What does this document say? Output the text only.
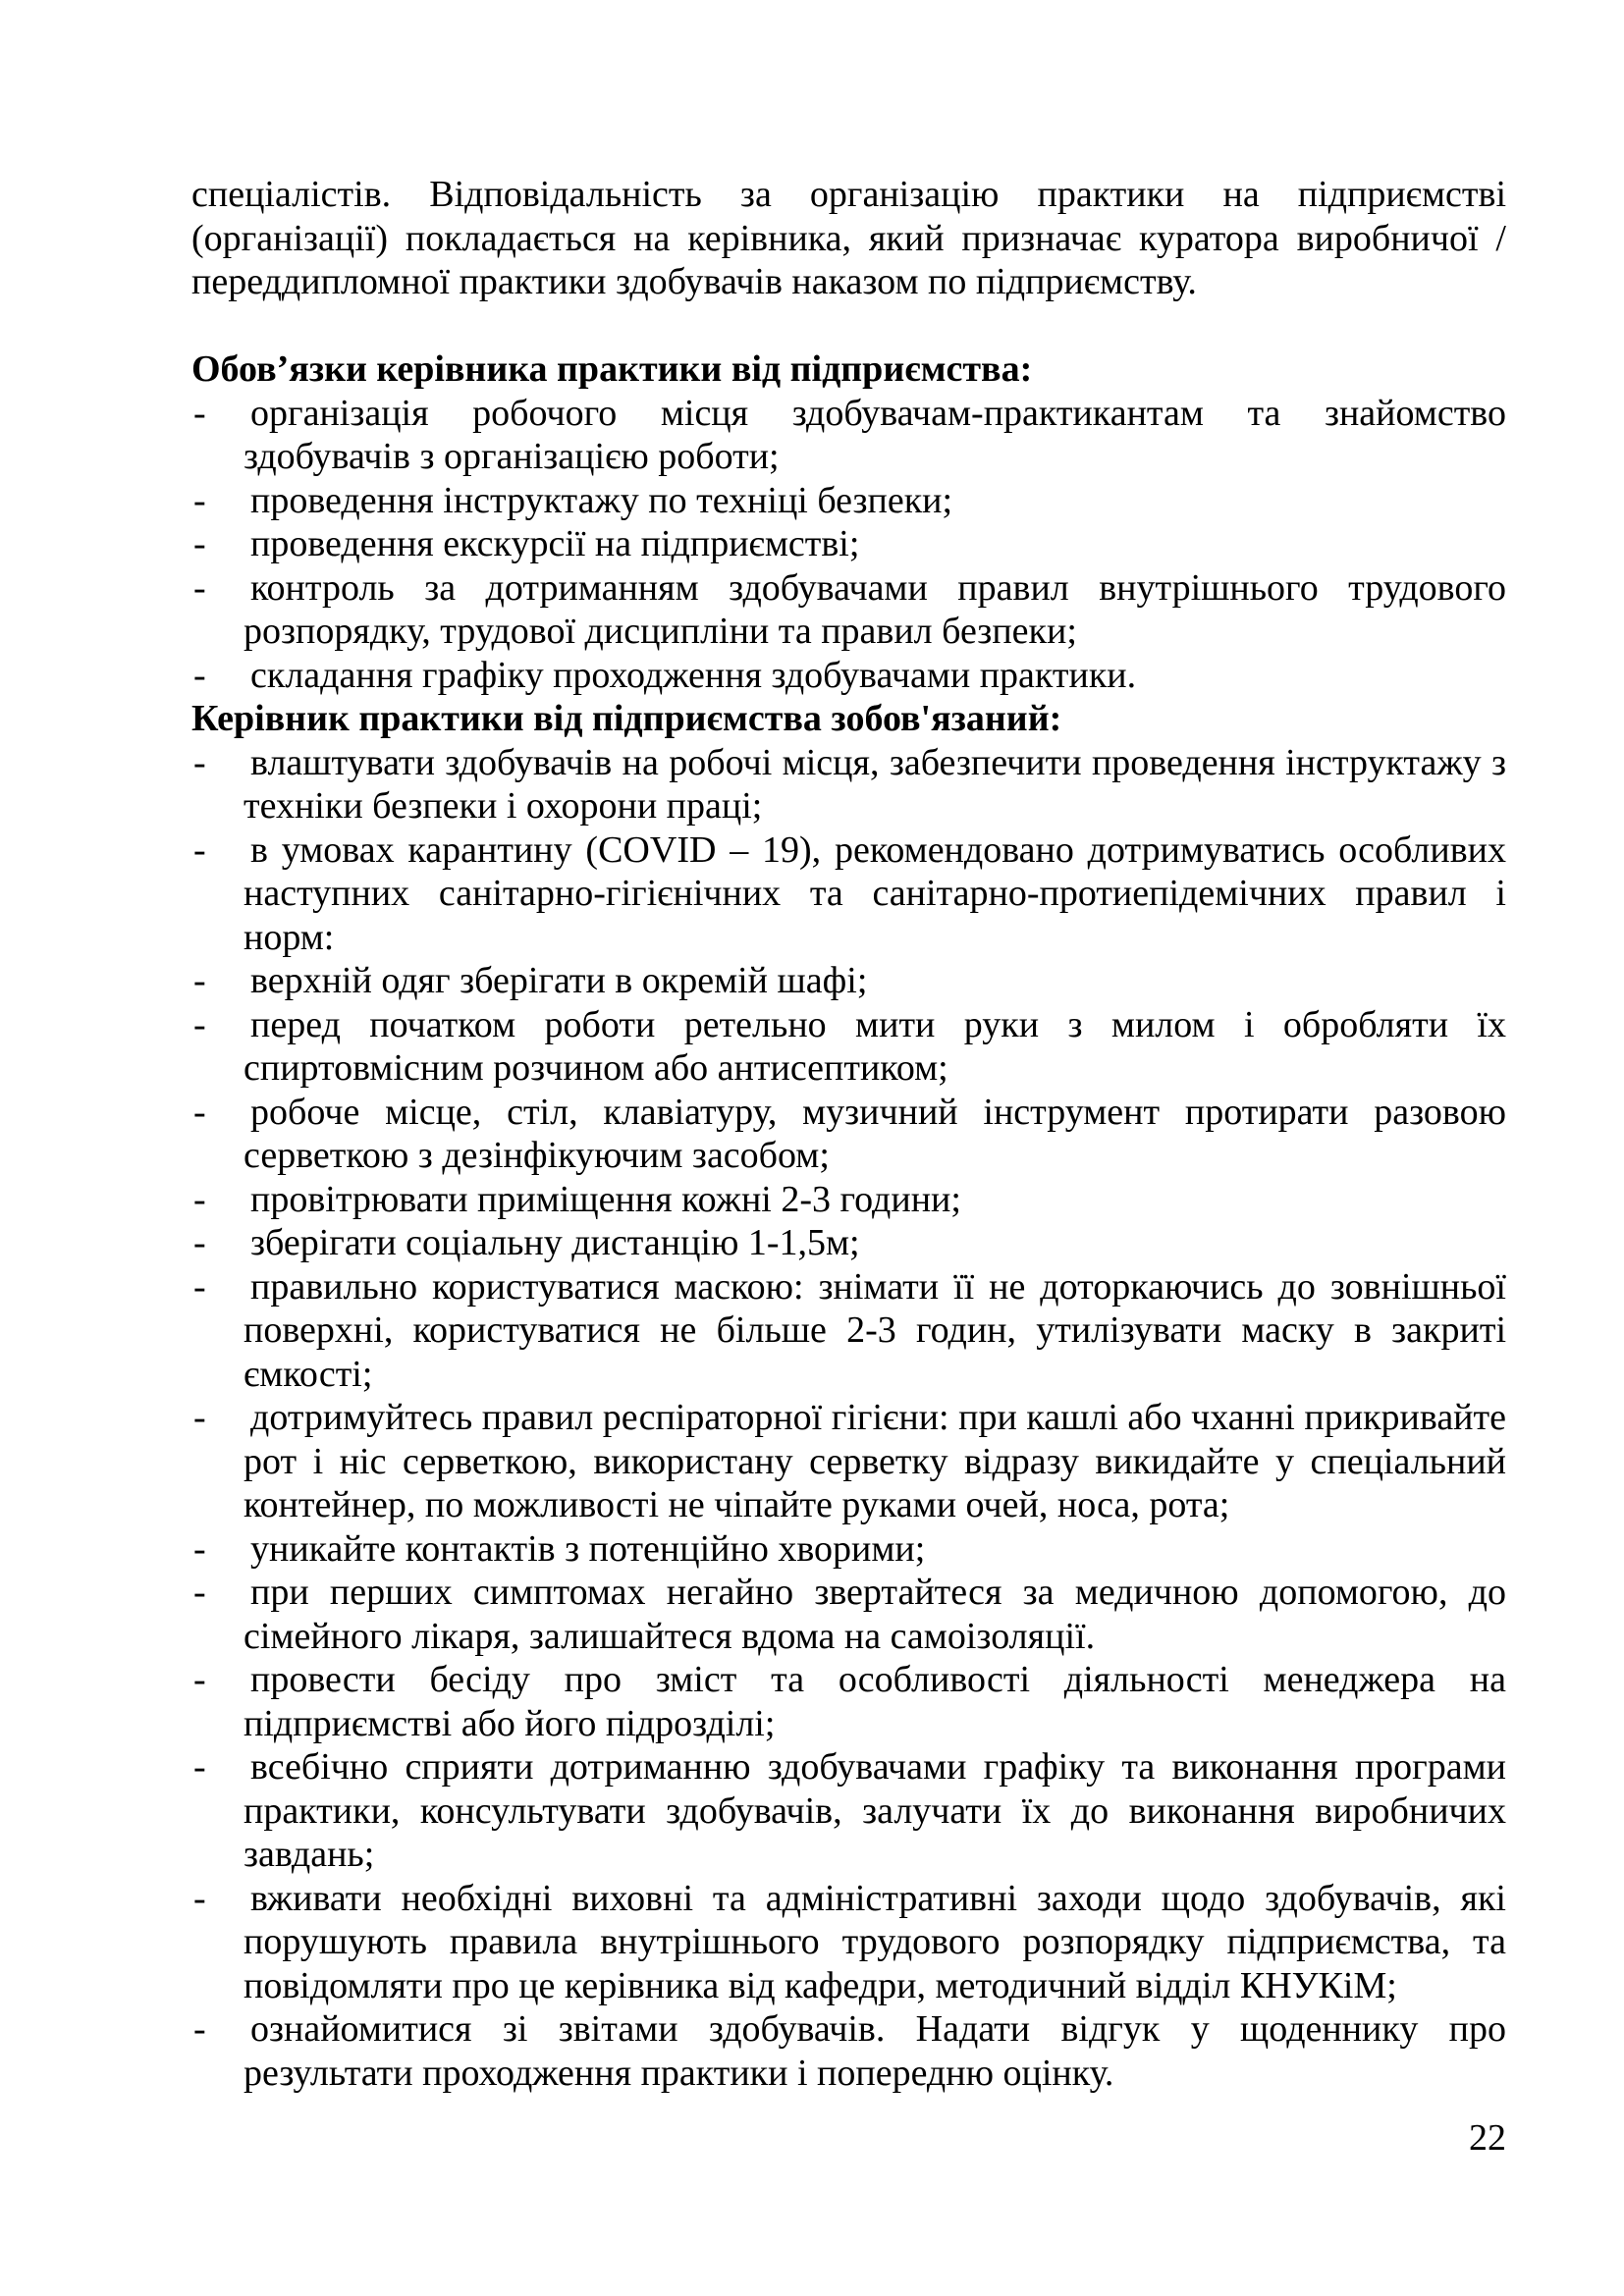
спеціалістів. Відповідальність за організацію практики на підприємстві (організації) покладається на керівника, який призначає куратора виробничої / переддипломної практики здобувачів наказом по підприємству.

Обов’язки керівника практики від підприємства:
- організація робочого місця здобувачам-практикантам та знайомство здобувачів з організацією роботи;
- проведення інструктажу по техніці безпеки;
- проведення екскурсії на підприємстві;
- контроль за дотриманням здобувачами правил внутрішнього трудового розпорядку, трудової дисципліни та правил безпеки;
- складання графіку проходження здобувачами практики.
Керівник практики від підприємства зобов'язаний:
- влаштувати здобувачів на робочі місця, забезпечити проведення інструктажу з техніки безпеки і охорони праці;
- в умовах карантину (COVID – 19), рекомендовано дотримуватись особливих наступних санітарно-гігієнічних та санітарно-протиепідемічних правил і норм:
- верхній одяг зберігати в окремій шафі;
- перед початком роботи ретельно мити руки з милом і обробляти їх спиртовмісним розчином або антисептиком;
- робоче місце, стіл, клавіатуру, музичний інструмент протирати разовою серветкою з дезінфікуючим засобом;
- провітрювати приміщення кожні 2-3 години;
- зберігати соціальну дистанцію 1-1,5м;
- правильно користуватися маскою: знімати її не доторкаючись до зовнішньої поверхні, користуватися не більше 2-3 годин, утилізувати маску в закриті ємкості;
- дотримуйтесь правил респіраторної гігієни: при кашлі або чханні прикривайте рот і ніс серветкою, використану серветку відразу викидайте у спеціальний контейнер, по можливості не чіпайте руками очей, носа, рота;
- уникайте контактів з потенційно хворими;
- при перших симптомах негайно звертайтеся за медичною допомогою, до сімейного лікаря, залишайтеся вдома на самоізоляції.
- провести бесіду про зміст та особливості діяльності менеджера на підприємстві або його підрозділі;
- всебічно сприяти дотриманню здобувачами графіку та виконання програми практики, консультувати здобувачів, залучати їх до виконання виробничих завдань;
- вживати необхідні виховні та адміністративні заходи щодо здобувачів, які порушують правила внутрішнього трудового розпорядку підприємства, та повідомляти про це керівника від кафедри, методичний відділ КНУКіМ;
- ознайомитися зі звітами здобувачів. Надати відгук у щоденнику про результати проходження практики і попередню оцінку.
22
